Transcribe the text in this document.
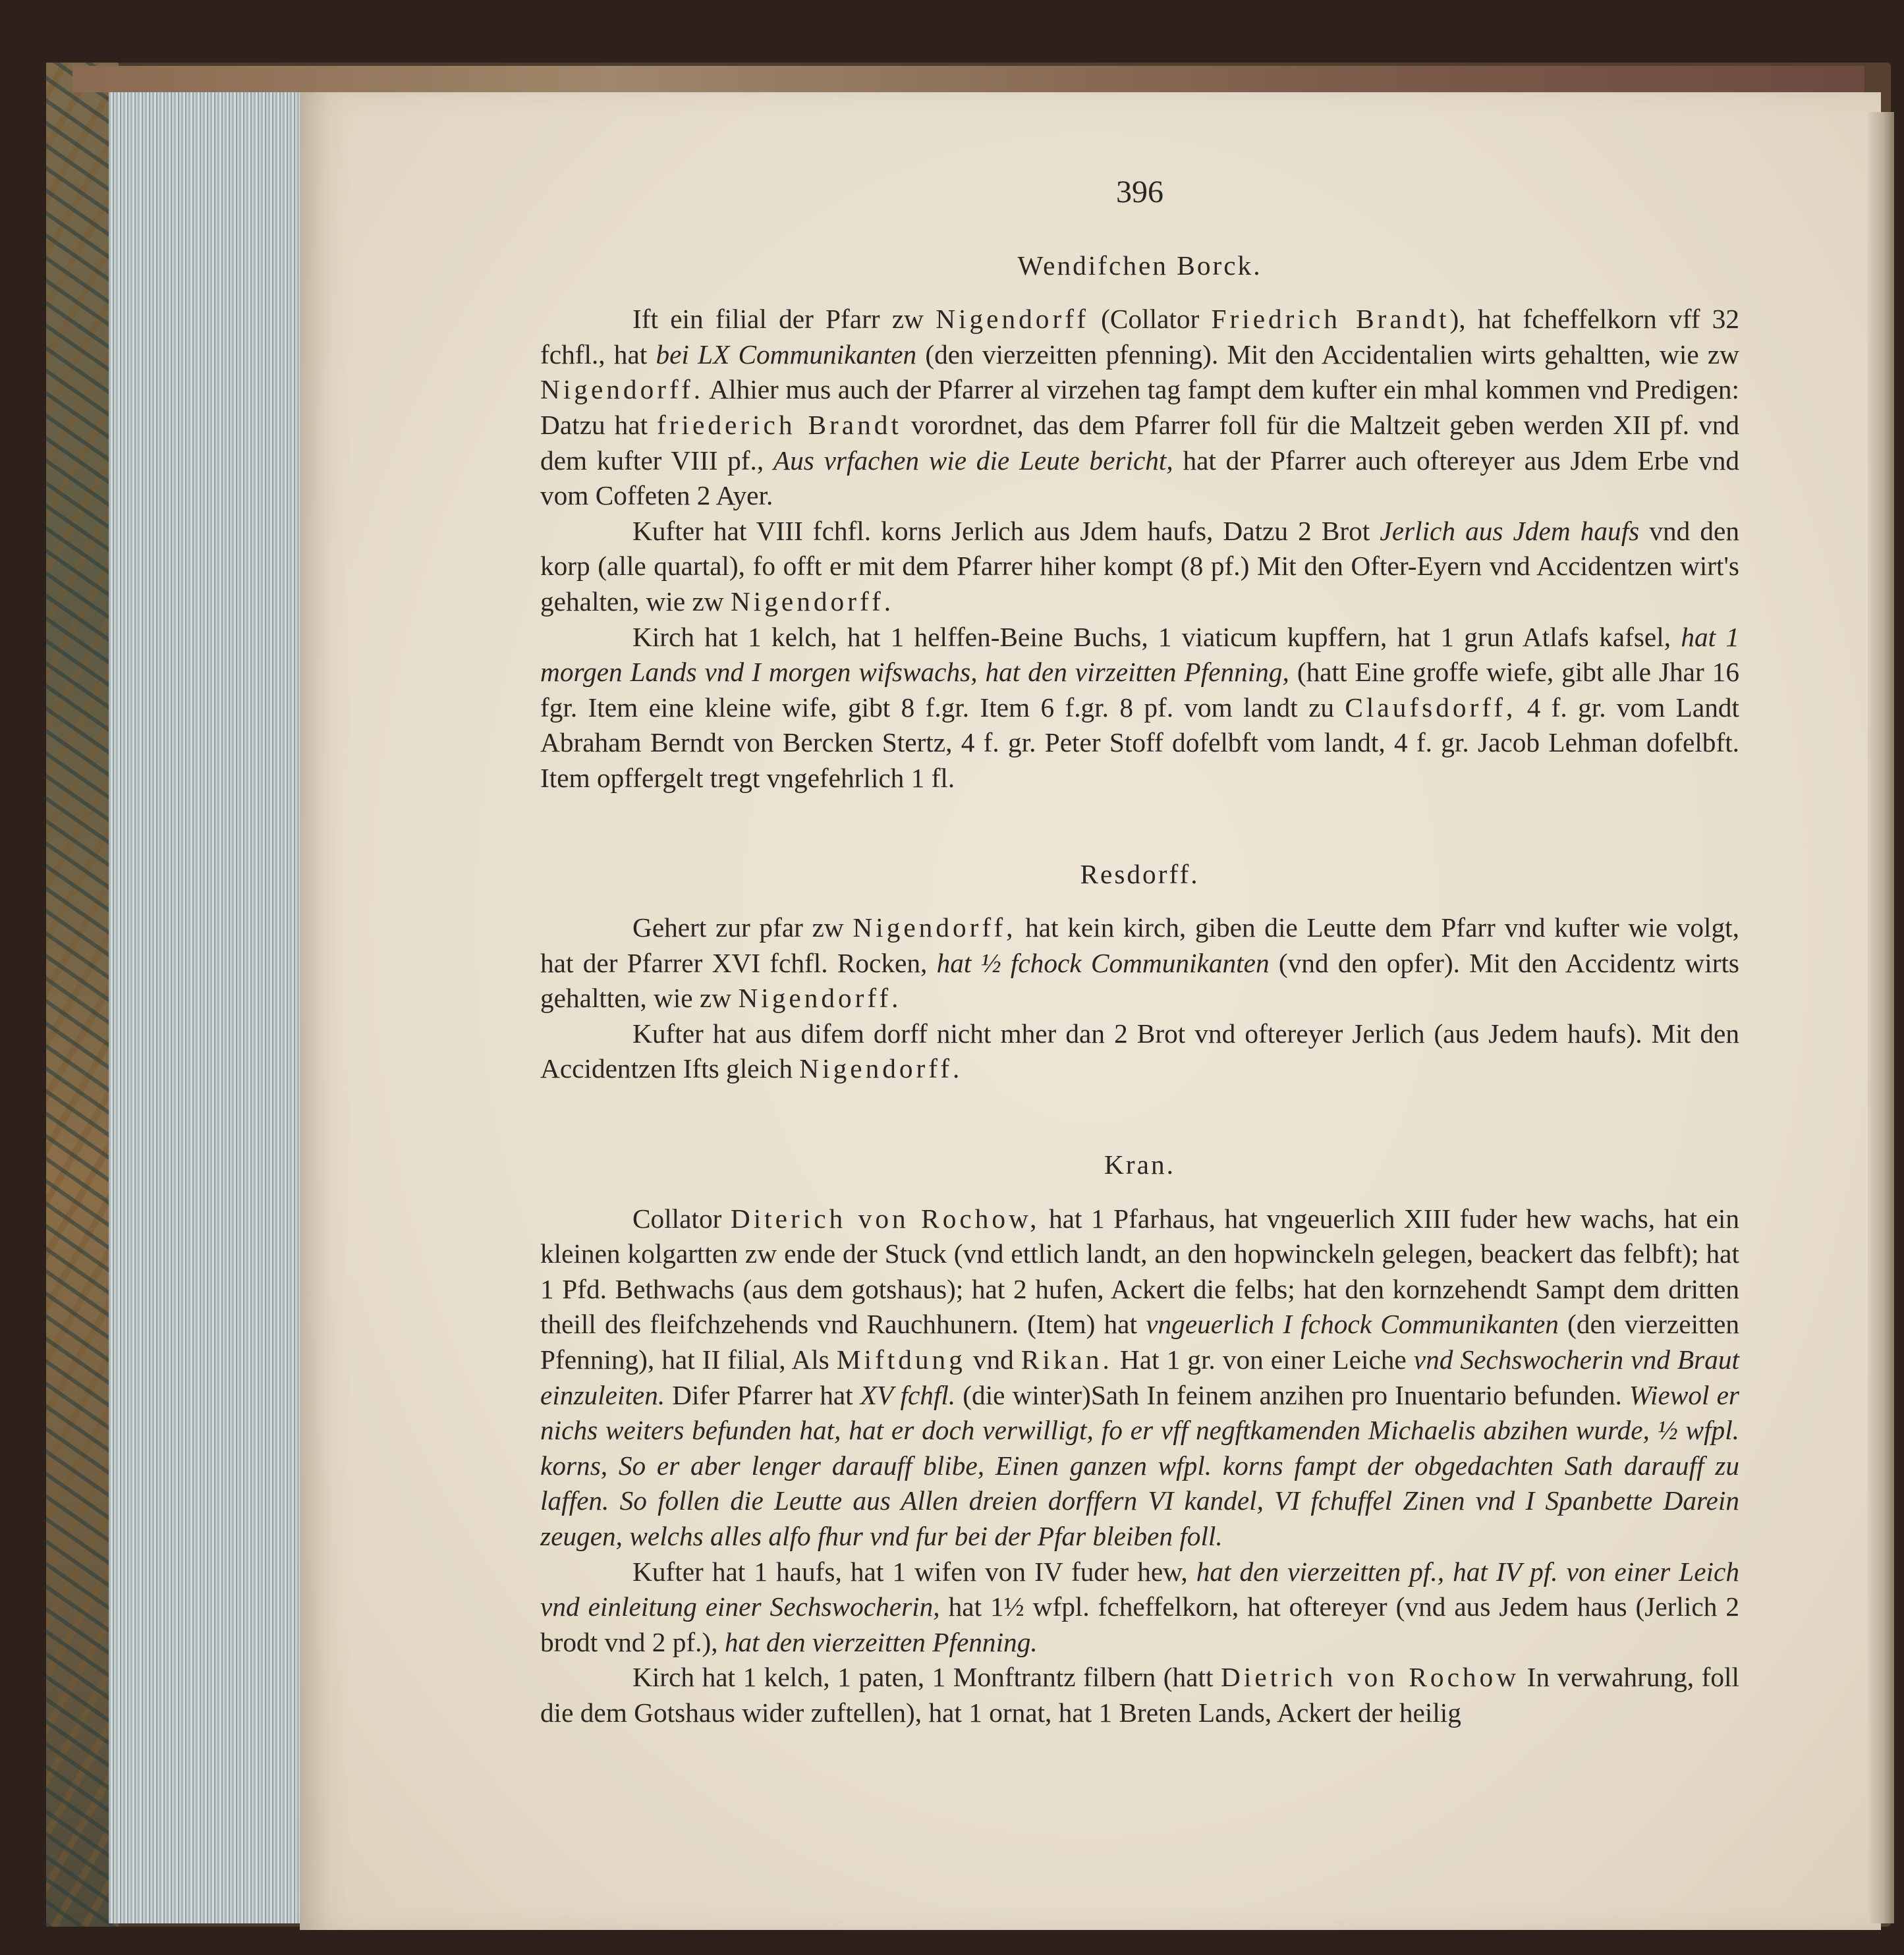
396
Wendifchen Borck.

Ift ein filial der Pfarr zw Nigendorff (Collator Friedrich Brandt), hat fcheffelkorn vff 32 fchfl., hat bei LX Communikanten (den vierzeitten pfenning). Mit den Accidentalien wirts gehaltten, wie zw Nigendorff. Alhier mus auch der Pfarrer al virzehen tag fampt dem kufter ein mhal kommen vnd Predigen: Datzu hat friederich Brandt vorordnet, das dem Pfarrer foll für die Maltzeit geben werden XII pf. vnd dem kufter VIII pf., Aus vrfachen wie die Leute bericht, hat der Pfarrer auch oftereyer aus Jdem Erbe vnd vom Coffeten 2 Ayer.

Kufter hat VIII fchfl. korns Jerlich aus Jdem haufs, Datzu 2 Brot Jerlich aus Jdem haufs vnd den korp (alle quartal), fo offt er mit dem Pfarrer hiher kompt (8 pf.) Mit den Ofter-Eyern vnd Accidentzen wirt's gehalten, wie zw Nigendorff.

Kirch hat 1 kelch, hat 1 helffen-Beine Buchs, 1 viaticum kupffern, hat 1 grun Atlafs kafsel, hat 1 morgen Lands vnd I morgen wifswachs, hat den virzeitten Pfenning, (hatt Eine groffe wiefe, gibt alle Jhar 16 fgr. Item eine kleine wife, gibt 8 f.gr. Item 6 f.gr. 8 pf. vom landt zu Claufsdorff, 4 f. gr. vom Landt Abraham Berndt von Bercken Stertz, 4 f. gr. Peter Stoff dofelbft vom landt, 4 f. gr. Jacob Lehman dofelbft. Item opffergelt tregt vngefehrlich 1 fl.

Resdorff.

Gehert zur pfar zw Nigendorff, hat kein kirch, giben die Leutte dem Pfarr vnd kufter wie volgt, hat der Pfarrer XVI fchfl. Rocken, hat ½ fchock Communikanten (vnd den opfer). Mit den Accidentz wirts gehaltten, wie zw Nigendorff.

Kufter hat aus difem dorff nicht mher dan 2 Brot vnd oftereyer Jerlich (aus Jedem haufs). Mit den Accidentzen Ifts gleich Nigendorff.

Kran.

Collator Diterich von Rochow, hat 1 Pfarhaus, hat vngeuerlich XIII fuder hew wachs, hat ein kleinen kolgartten zw ende der Stuck (vnd ettlich landt, an den hopwinckeln gelegen, beackert das felbft); hat 1 Pfd. Bethwachs (aus dem gotshaus); hat 2 hufen, Ackert die felbs; hat den kornzehendt Sampt dem dritten theill des fleifchzehends vnd Rauchhunern. (Item) hat vngeuerlich I fchock Communikanten (den vierzeitten Pfenning), hat II filial, Als Miftdung vnd Rikan. Hat 1 gr. von einer Leiche vnd Sechswocherin vnd Braut einzuleiten. Difer Pfarrer hat XV fchfl. (die winter)Sath In feinem anzihen pro Inuentario befunden. Wiewol er nichs weiters befunden hat, hat er doch verwilligt, fo er vff negftkamenden Michaelis abzihen wurde, ½ wfpl. korns, So er aber lenger darauff blibe, Einen ganzen wfpl. korns fampt der obgedachten Sath darauff zu laffen. So follen die Leutte aus Allen dreien dorffern VI kandel, VI fchuffel Zinen vnd I Spanbette Darein zeugen, welchs alles alfo fhur vnd fur bei der Pfar bleiben foll.

Kufter hat 1 haufs, hat 1 wifen von IV fuder hew, hat den vierzeitten pf., hat IV pf. von einer Leich vnd einleitung einer Sechswocherin, hat 1½ wfpl. fcheffelkorn, hat oftereyer (vnd aus Jedem haus (Jerlich 2 brodt vnd 2 pf.), hat den vierzeitten Pfenning.

Kirch hat 1 kelch, 1 paten, 1 Monftrantz filbern (hatt Dietrich von Rochow In verwahrung, foll die dem Gotshaus wider zuftellen), hat 1 ornat, hat 1 Breten Lands, Ackert der heilig
